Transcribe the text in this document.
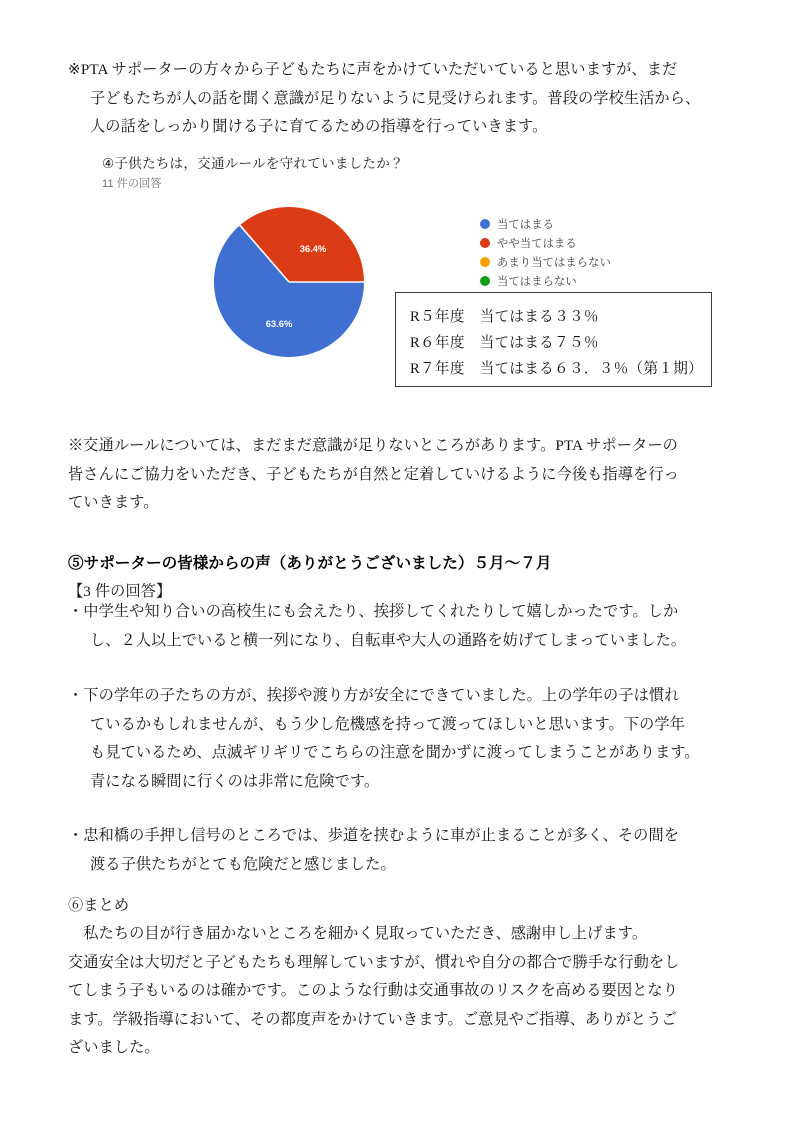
※PTA サポーターの方々から子どもたちに声をかけていただいていると思いますが、まだ
子どもたちが人の話を聞く意識が足りないように見受けられます。普段の学校生活から、
人の話をしっかり聞ける子に育てるための指導を行っていきます。
④子供たちは，交通ルールを守れていましたか？
11 件の回答
63.6%
36.4%
当てはまる
やや当てはまる
あまり当てはまらない
当てはまらない
R５年度　当てはまる３３％
R６年度　当てはまる７５％
R７年度　当てはまる６３．３％（第１期）
※交通ルールについては、まだまだ意識が足りないところがあります。PTA サポーターの
皆さんにご協力をいただき、子どもたちが自然と定着していけるように今後も指導を行っ
ていきます。
⑤サポーターの皆様からの声（ありがとうございました）５月～７月
【3 件の回答】
・中学生や知り合いの高校生にも会えたり、挨拶してくれたりして嬉しかったです。しか
し、２人以上でいると横一列になり、自転車や大人の通路を妨げてしまっていました。
・下の学年の子たちの方が、挨拶や渡り方が安全にできていました。上の学年の子は慣れ
ているかもしれませんが、もう少し危機感を持って渡ってほしいと思います。下の学年
も見ているため、点滅ギリギリでこちらの注意を聞かずに渡ってしまうことがあります。
青になる瞬間に行くのは非常に危険です。
・忠和橋の手押し信号のところでは、歩道を挟むように車が止まることが多く、その間を
渡る子供たちがとても危険だと感じました。
⑥まとめ
　私たちの目が行き届かないところを細かく見取っていただき、感謝申し上げます。
交通安全は大切だと子どもたちも理解していますが、慣れや自分の都合で勝手な行動をし
てしまう子もいるのは確かです。このような行動は交通事故のリスクを高める要因となり
ます。学級指導において、その都度声をかけていきます。ご意見やご指導、ありがとうご
ざいました。
